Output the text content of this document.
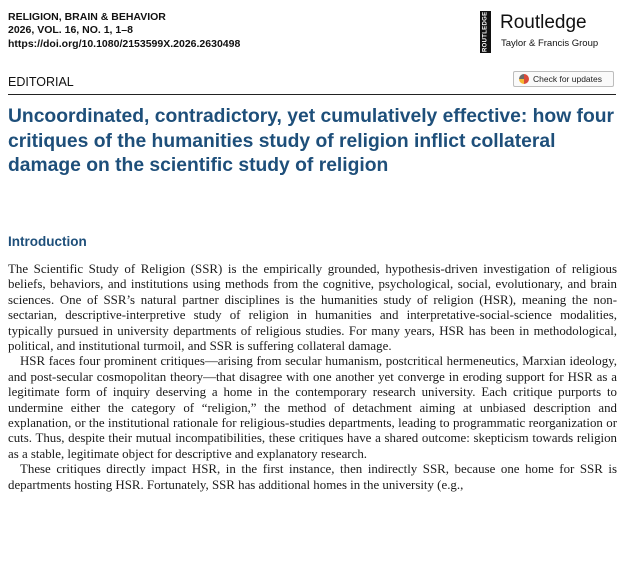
RELIGION, BRAIN & BEHAVIOR
2026, VOL. 16, NO. 1, 1–8
https://doi.org/10.1080/2153599X.2026.2630498	ROUTLEDGE Routledge
Taylor & Francis Group
EDITORIAL	Check for updates
Uncoordinated, contradictory, yet cumulatively effective: how four critiques of the humanities study of religion inflict collateral damage on the scientific study of religion
Introduction

The Scientific Study of Religion (SSR) is the empirically grounded, hypothesis-driven investigation of religious beliefs, behaviors, and institutions using methods from the cognitive, psychological, social, evolutionary, and brain sciences. One of SSR’s natural partner disciplines is the humanities study of religion (HSR), meaning the non-sectarian, descriptive-interpretive study of religion in humanities and interpretative-social-science modalities, typically pursued in university departments of religious studies. For many years, HSR has been in methodological, political, and institutional turmoil, and SSR is suffering collateral damage.

HSR faces four prominent critiques—arising from secular humanism, postcritical hermeneutics, Marxian ideology, and post-secular cosmopolitan theory—that disagree with one another yet converge in eroding support for HSR as a legitimate form of inquiry deserving a home in the contemporary research university. Each critique purports to undermine either the category of “religion,” the method of detachment aiming at unbiased description and explanation, or the institutional rationale for religious-studies departments, leading to programmatic reorganization or cuts. Thus, despite their mutual incompatibilities, these critiques have a shared outcome: skepticism towards religion as a stable, legitimate object for descriptive and explanatory research.

These critiques directly impact HSR, in the first instance, then indirectly SSR, because one home for SSR is departments hosting HSR. Fortunately, SSR has additional homes in the university (e.g.,
